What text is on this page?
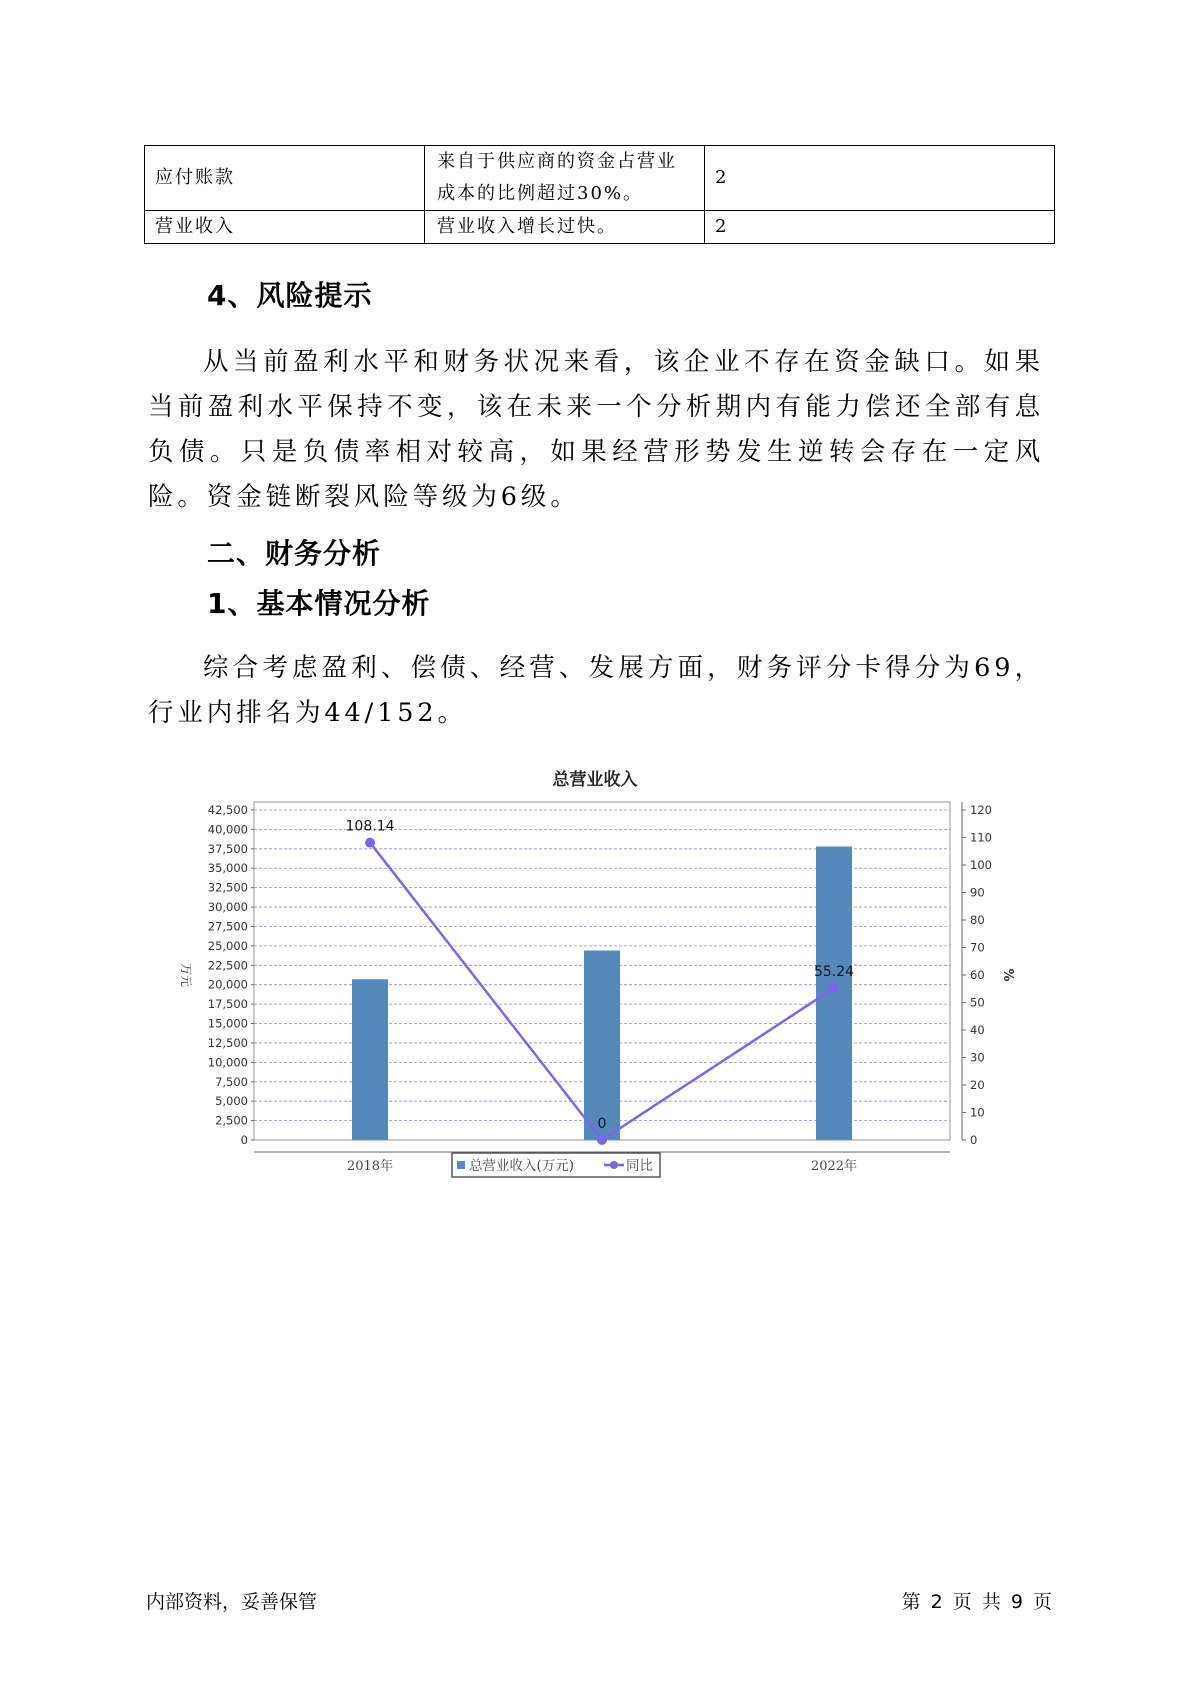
应付账款	来自于供应商的资金占营业成本的比例超过30%。	2
营业收入	营业收入增长过快。	2
4、风险提示

从当前盈利水平和财务状况来看，该企业不存在资金缺口。如果当前盈利水平保持不变，该在未来一个分析期内有能力偿还全部有息负债。只是负债率相对较高，如果经营形势发生逆转会存在一定风险。资金链断裂风险等级为6级。

二、财务分析
1、基本情况分析

综合考虑盈利、偿债、经营、发展方面，财务评分卡得分为69，行业内排名为44/152。

总营业收入
0
2,500
5,000
7,500
10,000
12,500
15,000
17,500
20,000
22,500
25,000
27,500
30,000
32,500
35,000
37,500
40,000
42,500
0
10
20
30
40
50
60
70
80
90
100
110
120
万元	%
2018年	2022年
108.14
0
55.24
总营业收入(万元)	同比
内部资料，妥善保管	第 2 页 共 9 页
